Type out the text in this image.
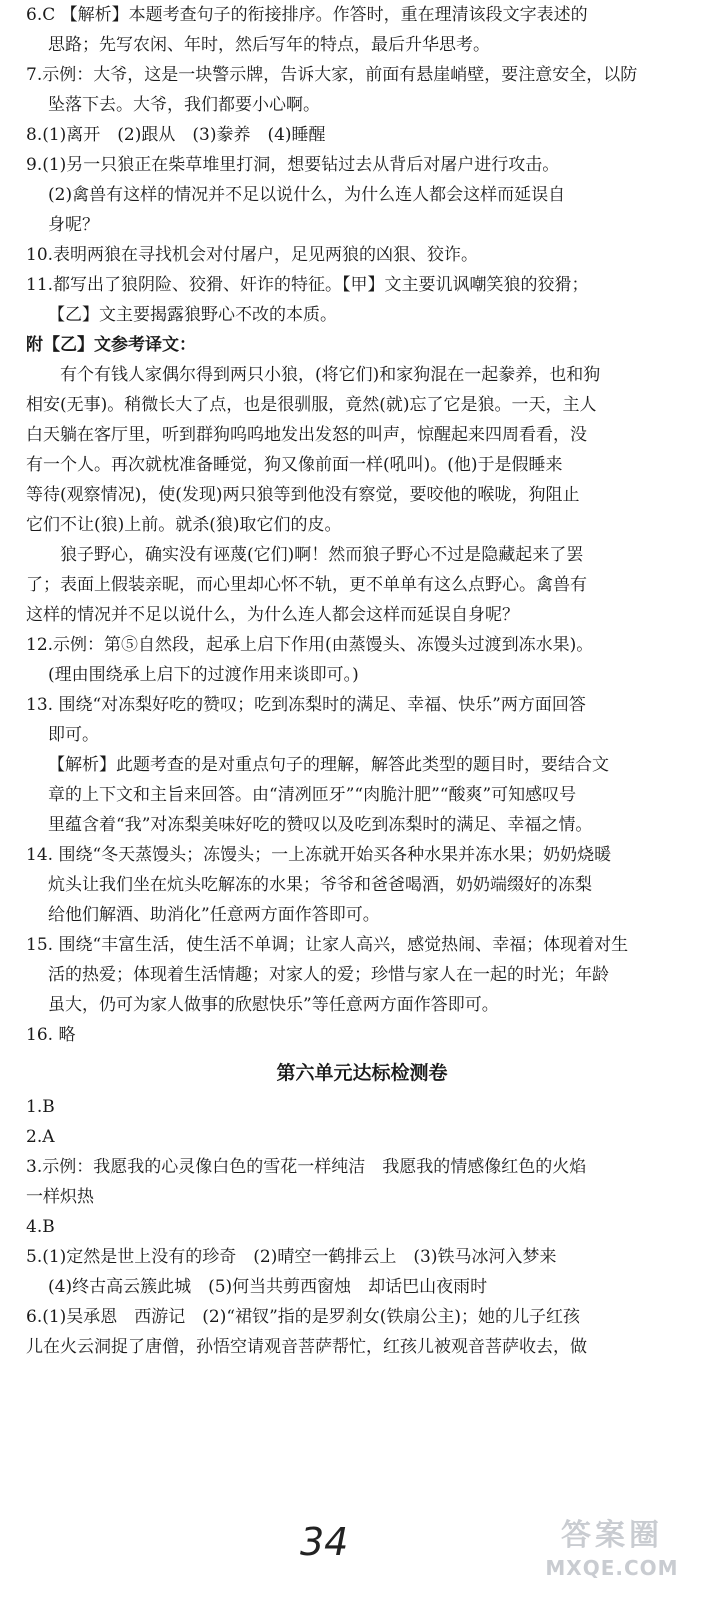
6.C 【解析】本题考查句子的衔接排序。作答时，重在理清该段文字表述的

思路；先写农闲、年时，然后写年的特点，最后升华思考。

7.示例：大爷，这是一块警示牌，告诉大家，前面有悬崖峭壁，要注意安全，以防

坠落下去。大爷，我们都要小心啊。

8.(1)离开　(2)跟从　(3)豢养　(4)睡醒

9.(1)另一只狼正在柴草堆里打洞，想要钻过去从背后对屠户进行攻击。

(2)禽兽有这样的情况并不足以说什么，为什么连人都会这样而延误自

身呢？

10.表明两狼在寻找机会对付屠户，足见两狼的凶狠、狡诈。

11.都写出了狼阴险、狡猾、奸诈的特征。【甲】文主要讥讽嘲笑狼的狡猾；

【乙】文主要揭露狼野心不改的本质。

附【乙】文参考译文：

有个有钱人家偶尔得到两只小狼，(将它们)和家狗混在一起豢养，也和狗

相安(无事)。稍微长大了点，也是很驯服，竟然(就)忘了它是狼。一天，主人

白天躺在客厅里，听到群狗呜呜地发出发怒的叫声，惊醒起来四周看看，没

有一个人。再次就枕准备睡觉，狗又像前面一样(吼叫)。(他)于是假睡来

等待(观察情况)，使(发现)两只狼等到他没有察觉，要咬他的喉咙，狗阻止

它们不让(狼)上前。就杀(狼)取它们的皮。

狼子野心，确实没有诬蔑(它们)啊！然而狼子野心不过是隐藏起来了罢

了；表面上假装亲昵，而心里却心怀不轨，更不单单有这么点野心。禽兽有

这样的情况并不足以说什么，为什么连人都会这样而延误自身呢？

12.示例：第⑤自然段，起承上启下作用(由蒸馒头、冻馒头过渡到冻水果)。

(理由围绕承上启下的过渡作用来谈即可。)

13. 围绕“对冻梨好吃的赞叹；吃到冻梨时的满足、幸福、快乐”两方面回答

即可。

【解析】此题考查的是对重点句子的理解，解答此类型的题目时，要结合文

章的上下文和主旨来回答。由“清冽匝牙”“肉脆汁肥”“酸爽”可知感叹号

里蕴含着“我”对冻梨美味好吃的赞叹以及吃到冻梨时的满足、幸福之情。

14. 围绕“冬天蒸馒头；冻馒头；一上冻就开始买各种水果并冻水果；奶奶烧暖

炕头让我们坐在炕头吃解冻的水果；爷爷和爸爸喝酒，奶奶端缀好的冻梨

给他们解酒、助消化”任意两方面作答即可。

15. 围绕“丰富生活，使生活不单调；让家人高兴，感觉热闹、幸福；体现着对生

活的热爱；体现着生活情趣；对家人的爱；珍惜与家人在一起的时光；年龄

虽大，仍可为家人做事的欣慰快乐”等任意两方面作答即可。

16. 略

第六单元达标检测卷

1.B

2.A

3.示例：我愿我的心灵像白色的雪花一样纯洁　我愿我的情感像红色的火焰

一样炽热

4.B

5.(1)定然是世上没有的珍奇　(2)晴空一鹤排云上　(3)铁马冰河入梦来

(4)终古高云簇此城　(5)何当共剪西窗烛　却话巴山夜雨时

6.(1)吴承恩　西游记　(2)“裙钗”指的是罗刹女(铁扇公主)；她的儿子红孩

儿在火云洞捉了唐僧，孙悟空请观音菩萨帮忙，红孩儿被观音菩萨收去，做

34	答案圈
MXQE.COM
